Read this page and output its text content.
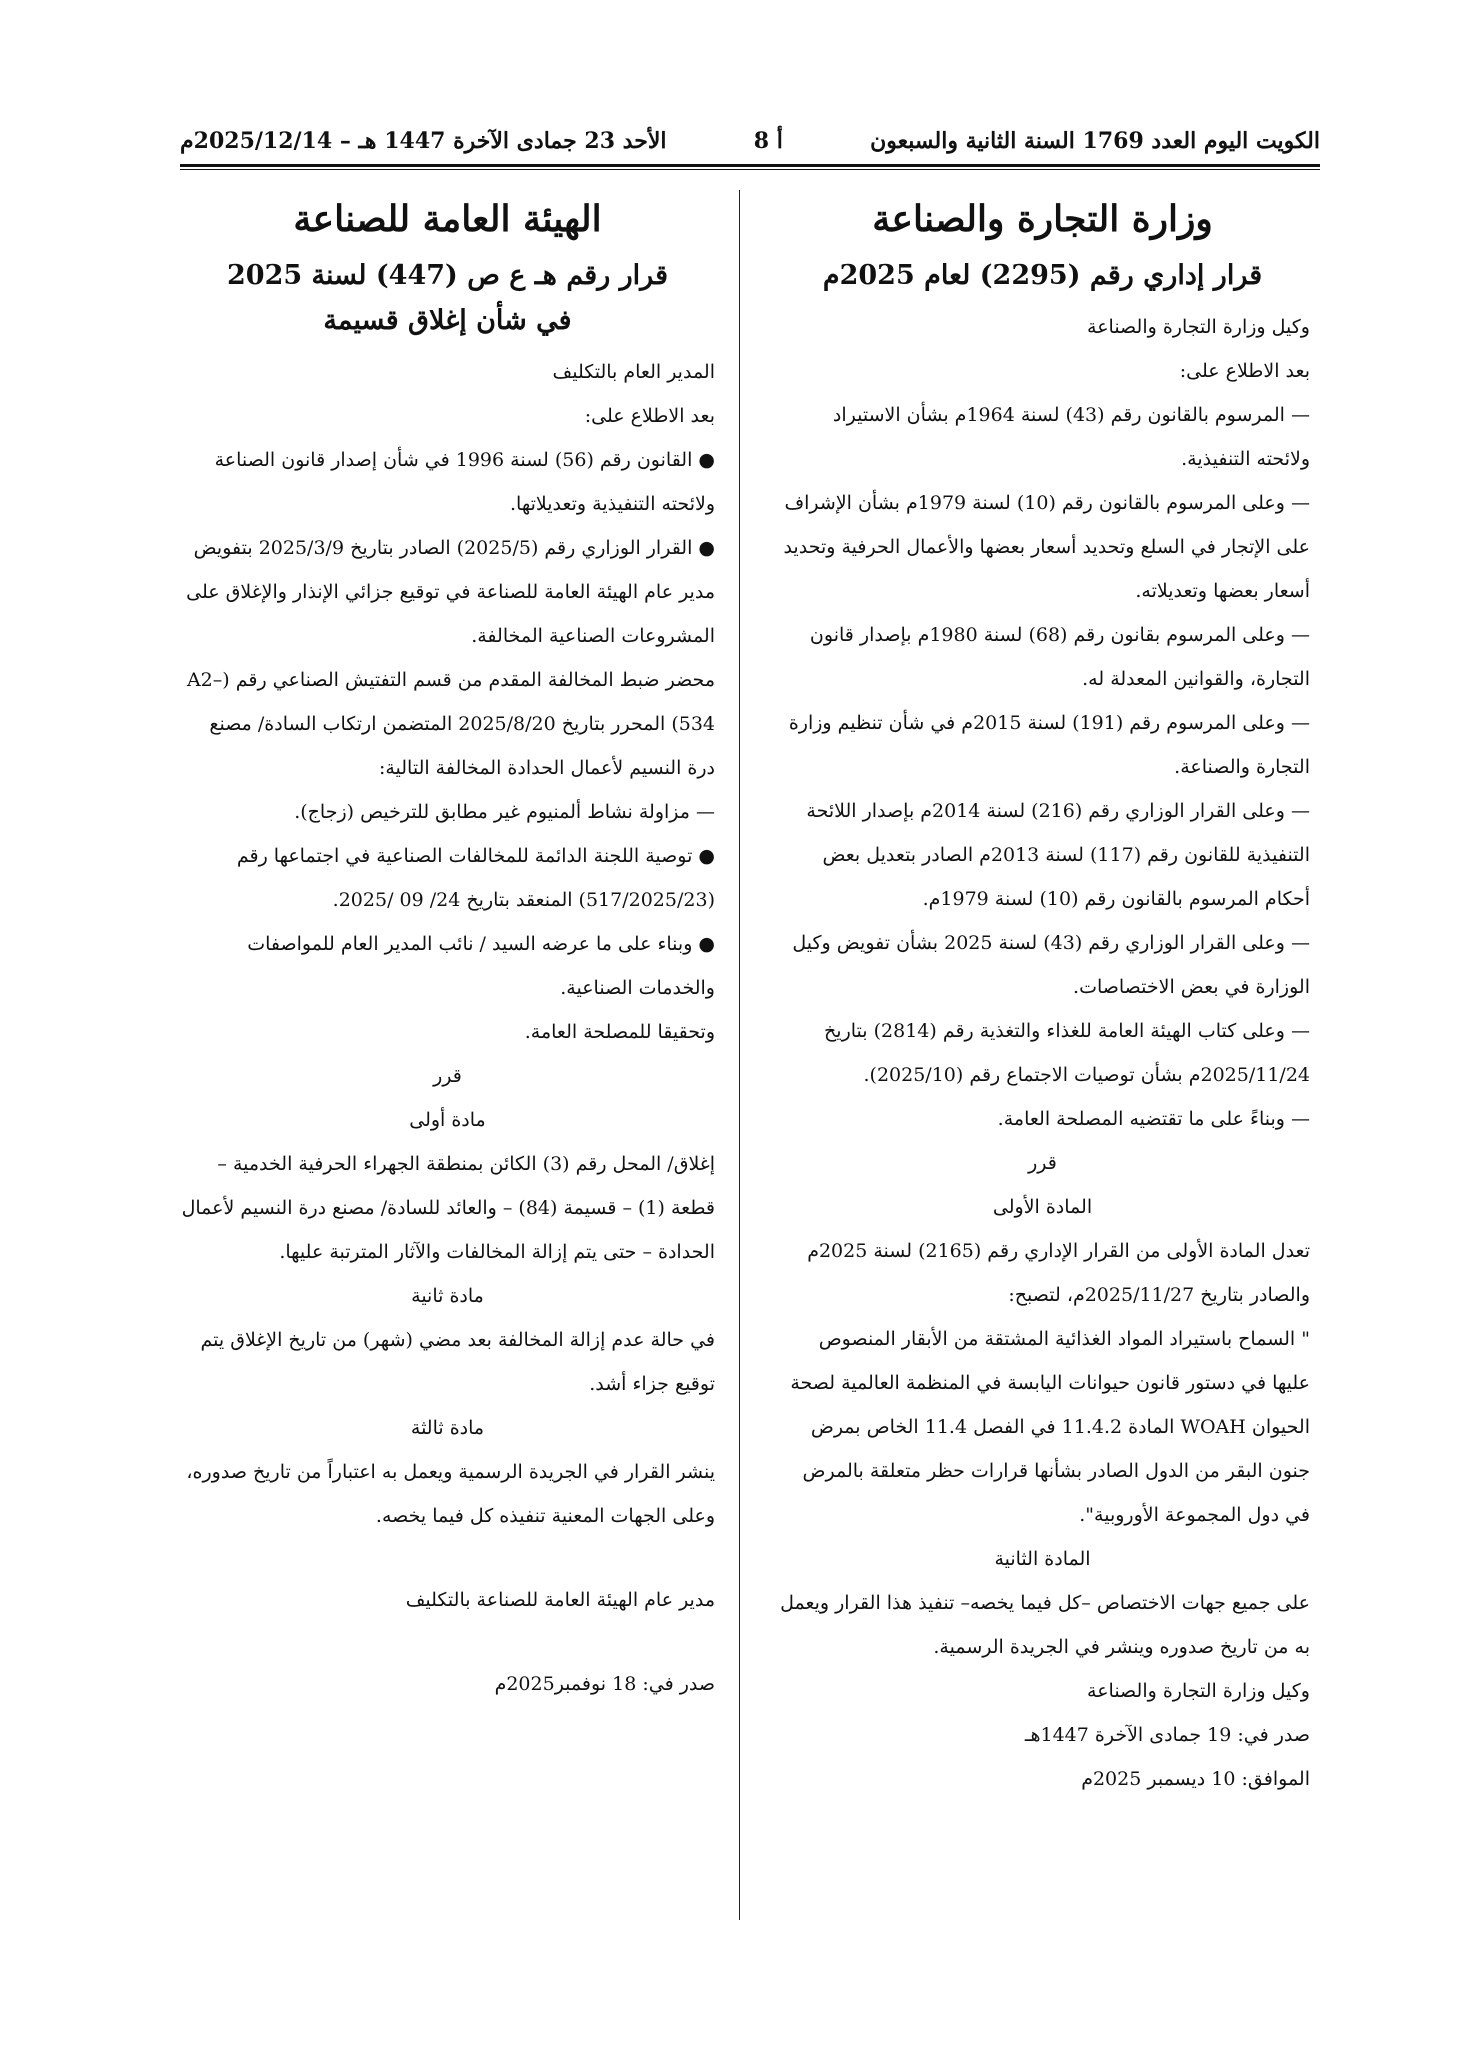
الكويت اليوم العدد 1769 السنة الثانية والسبعون
أ 8
الأحد 23 جمادى الآخرة 1447 هـ – 2025/12/14م
وزارة التجارة والصناعة
قرار إداري رقم (2295) لعام 2025م

وكيل وزارة التجارة والصناعة

بعد الاطلاع على:

— المرسوم بالقانون رقم (43) لسنة 1964م بشأن الاستيراد ولائحته التنفيذية.

— وعلى المرسوم بالقانون رقم (10) لسنة 1979م بشأن الإشراف على الإتجار في السلع وتحديد أسعار بعضها والأعمال الحرفية وتحديد أسعار بعضها وتعديلاته.

— وعلى المرسوم بقانون رقم (68) لسنة 1980م بإصدار قانون التجارة، والقوانين المعدلة له.

— وعلى المرسوم رقم (191) لسنة 2015م في شأن تنظيم وزارة التجارة والصناعة.

— وعلى القرار الوزاري رقم (216) لسنة 2014م بإصدار اللائحة التنفيذية للقانون رقم (117) لسنة 2013م الصادر بتعديل بعض أحكام المرسوم بالقانون رقم (10) لسنة 1979م.

— وعلى القرار الوزاري رقم (43) لسنة 2025 بشأن تفويض وكيل الوزارة في بعض الاختصاصات.

— وعلى كتاب الهيئة العامة للغذاء والتغذية رقم (2814) بتاريخ 2025/11/24م بشأن توصيات الاجتماع رقم (2025/10).

— وبناءً على ما تقتضيه المصلحة العامة.

قرر

المادة الأولى

تعدل المادة الأولى من القرار الإداري رقم (2165) لسنة 2025م والصادر بتاريخ 2025/11/27م، لتصبح:

" السماح باستيراد المواد الغذائية المشتقة من الأبقار المنصوص عليها في دستور قانون حيوانات اليابسة في المنظمة العالمية لصحة الحيوان WOAH المادة 11.4.2 في الفصل 11.4 الخاص بمرض جنون البقر من الدول الصادر بشأنها قرارات حظر متعلقة بالمرض في دول المجموعة الأوروبية".

المادة الثانية

على جميع جهات الاختصاص –كل فيما يخصه– تنفيذ هذا القرار ويعمل به من تاريخ صدوره وينشر في الجريدة الرسمية.

وكيل وزارة التجارة والصناعة

صدر في: 19 جمادى الآخرة 1447هـ

الموافق: 10 ديسمبر 2025م

الهيئة العامة للصناعة
قرار رقم هـ ع ص (447) لسنة 2025
في شأن إغلاق قسيمة

المدير العام بالتكليف

بعد الاطلاع على:

● القانون رقم (56) لسنة 1996 في شأن إصدار قانون الصناعة ولائحته التنفيذية وتعديلاتها.

● القرار الوزاري رقم (2025/5) الصادر بتاريخ 2025/3/9 بتفويض مدير عام الهيئة العامة للصناعة في توقيع جزائي الإنذار والإغلاق على المشروعات الصناعية المخالفة.

محضر ضبط المخالفة المقدم من قسم التفتيش الصناعي رقم (A2–534) المحرر بتاريخ 2025/8/20 المتضمن ارتكاب السادة/ مصنع درة النسيم لأعمال الحدادة المخالفة التالية:

— مزاولة نشاط ألمنيوم غير مطابق للترخيص (زجاج).

● توصية اللجنة الدائمة للمخالفات الصناعية في اجتماعها رقم (517/2025/23) المنعقد بتاريخ 24/ 09 /2025.

● وبناء على ما عرضه السيد / نائب المدير العام للمواصفات والخدمات الصناعية.

وتحقيقا للمصلحة العامة.

قرر

مادة أولى

إغلاق/ المحل رقم (3) الكائن بمنطقة الجهراء الحرفية الخدمية – قطعة (1) – قسيمة (84) – والعائد للسادة/ مصنع درة النسيم لأعمال الحدادة – حتى يتم إزالة المخالفات والآثار المترتبة عليها.

مادة ثانية

في حالة عدم إزالة المخالفة بعد مضي (شهر) من تاريخ الإغلاق يتم توقيع جزاء أشد.

مادة ثالثة

ينشر القرار في الجريدة الرسمية ويعمل به اعتباراً من تاريخ صدوره، وعلى الجهات المعنية تنفيذه كل فيما يخصه.

مدير عام الهيئة العامة للصناعة بالتكليف

صدر في: 18 نوفمبر2025م
